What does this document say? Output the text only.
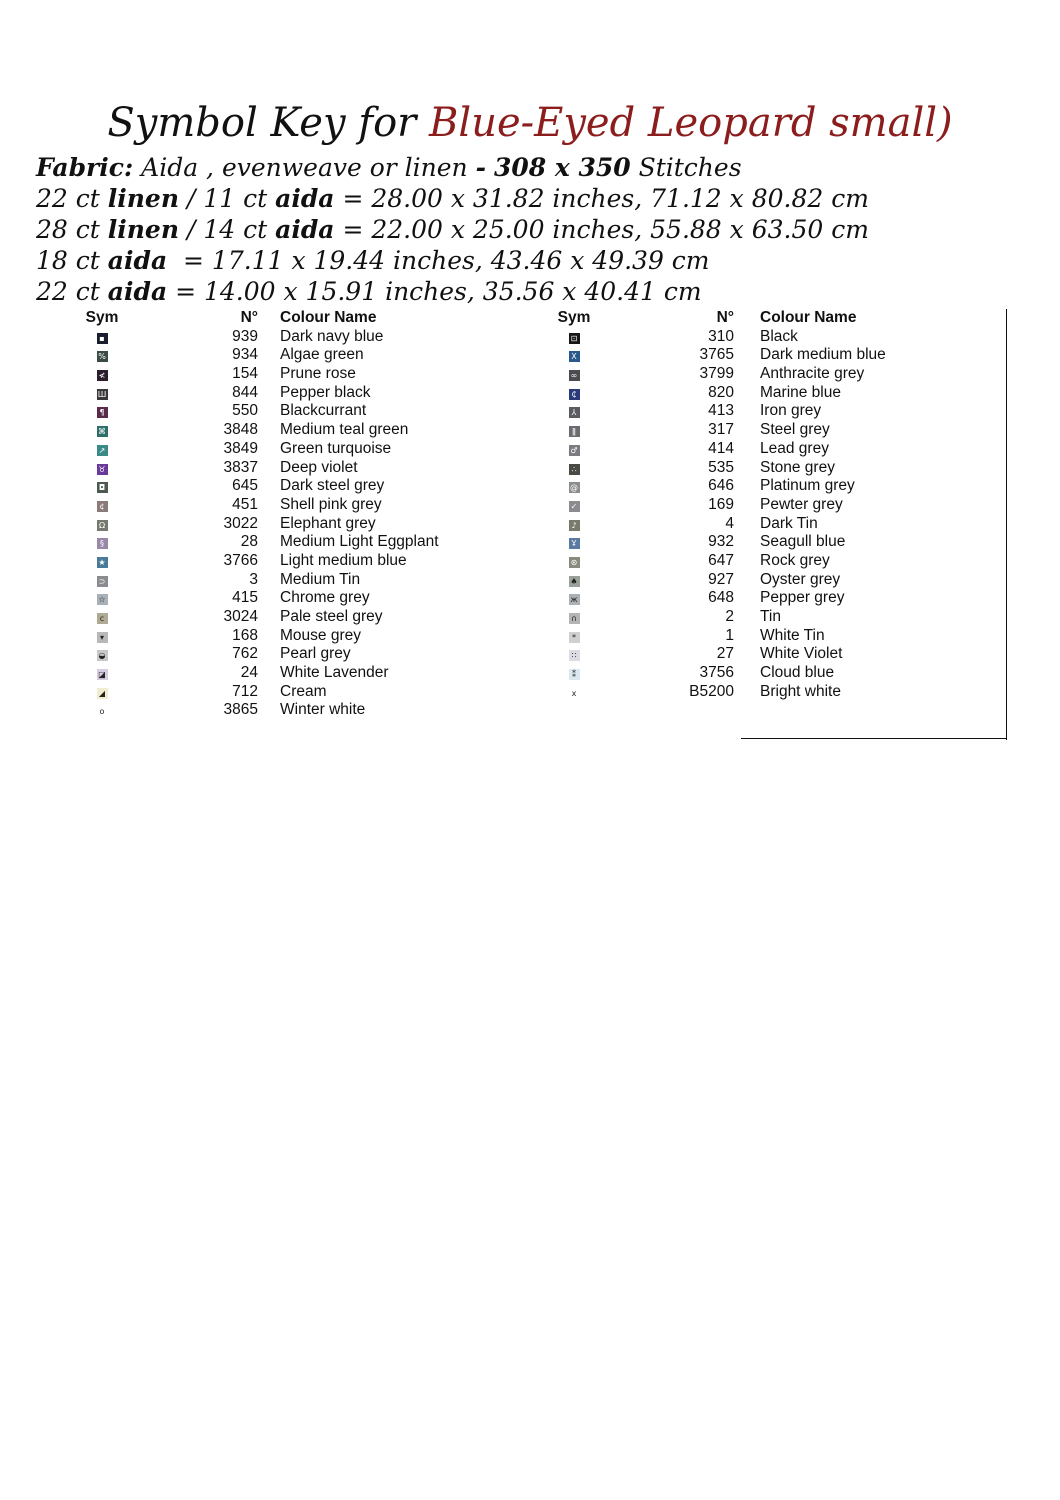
Symbol Key for Blue-Eyed Leopard small)
Fabric: Aida , evenweave or linen - 308 x 350 Stitches
22 ct linen / 11 ct aida = 28.00 x 31.82 inches, 71.12 x 80.82 cm
28 ct linen / 14 ct aida = 22.00 x 25.00 inches, 55.88 x 63.50 cm
18 ct aida  = 17.11 x 19.44 inches, 43.46 x 49.39 cm
22 ct aida = 14.00 x 15.91 inches, 35.56 x 40.41 cm
Sym	N° Colour Name
▪	939 Dark navy blue
%	934 Algae green
≮	154 Prune rose
Ш	844 Pepper black
¶	550 Blackcurrant
⌘	3848 Medium teal green
↗	3849 Green turquoise
♉	3837 Deep violet
◘	645 Dark steel grey
¢	451 Shell pink grey
Ω	3022 Elephant grey
§	28 Medium Light Eggplant
★	3766 Light medium blue
⊃	3 Medium Tin
☆	415 Chrome grey
c	3024 Pale steel grey
▾	168 Mouse grey
◒	762 Pearl grey
◪	24 White Lavender
◢	712 Cream
o	3865 Winter white
Sym	N° Colour Name
⊡	310 Black
X	3765 Dark medium blue
∞	3799 Anthracite grey
₵	820 Marine blue
⅄	413 Iron grey
ǁ	317 Steel grey
♂	414 Lead grey
∴	535 Stone grey
@	646 Platinum grey
✓	169 Pewter grey
♪	4 Dark Tin
Ұ	932 Seagull blue
⊛	647 Rock grey
♠	927 Oyster grey
ж	648 Pepper grey
∩	2 Tin
*	1 White Tin
∷	27 White Violet
⁑	3756 Cloud blue
x	B5200 Bright white
